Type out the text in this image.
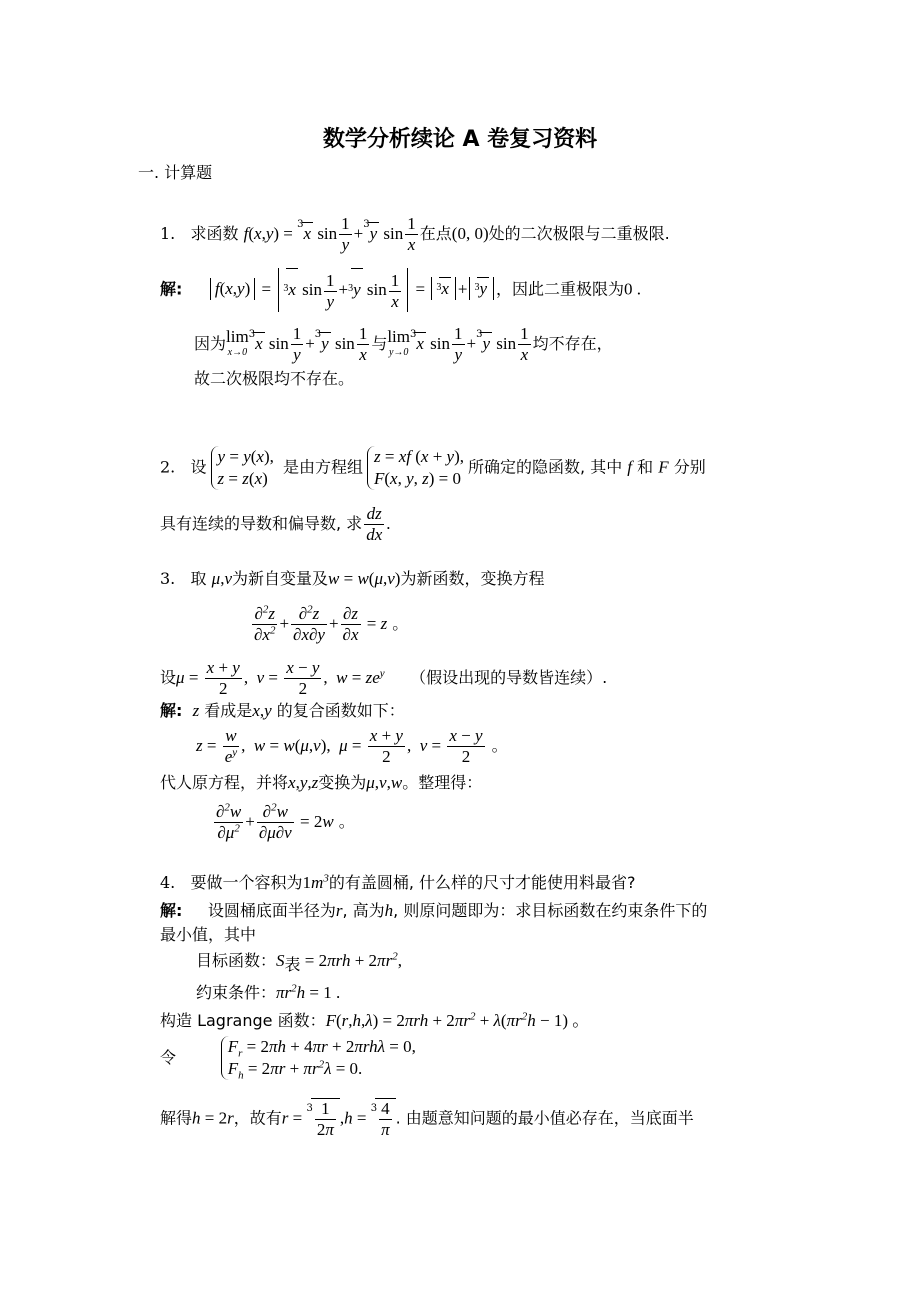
数学分析续论 A 卷复习资料
一. 计算题
1. 求函数 f(x,y) = $^3$x $\sin \frac{1}{y} +^3y$ $\sin \frac{1}{x}$ 在点(0, 0)处的二次极限与二重极限.
解: f(x,y) = $^3$x $\sin \frac{1}{y} +^3y$ $\sin \frac{1}{x} = ^3x + ^3y$ ，因此二重极限为0 .
因为lim
x→0
$^3$x $\sin \frac{1}{y} +^3y$ $\sin \frac{1}{x}$ 与lim
y→0
$^3$x $\sin \frac{1}{y} +^3y$ $\sin \frac{1}{x}$ 均不存在，
故二次极限均不存在。
2. 设
y = y(x),
z = z(x)
是由方程组
z = xf (x + y),
F(x, y, z) = 0
所确定的隐函数, 其中 f 和 F 分别
具有连续的导数和偏导数, 求 $\frac{dz}{dx}$ .
3. 取 μ,ν为新自变量及w = w(μ,ν)为新函数，变换方程
$\frac{\partial^2z}{\partial x^2} + \frac{\partial^2z}{\partial x\partial y} + \frac{\partial z}{\partial x} = z$ 。
设$\mu = \frac{x + y}{2}$ ,  $\nu = \frac{x - y}{2}$ ,  $w = ze^y$ （假设出现的导数皆连续）.
解: z 看成是x,y 的复合函数如下：
$z = \frac{w}{e^y}$ ,  w = w(μ,ν),  $\mu = \frac{x + y}{2}$ ,  $\nu = \frac{x - y}{2}$ 。
代人原方程，并将x,y,z变换为μ,ν,w。整理得：
$\frac{\partial^2w}{\partial\mu^2} + \frac{\partial^2w}{\partial\mu\partial\nu} = 2w$ 。
4. 要做一个容积为$1m^3$的有盖圆桶, 什么样的尺寸才能使用料最省?
解: 设圆桶底面半径为r, 高为h, 则原问题即为：求目标函数在约束条件下的
最小值，其中
目标函数：$S_表 = 2\pi rh + 2\pi r^2$,
约束条件：$\pi r^2h = 1$ .
构造 Lagrange 函数：$F(r,h,\lambda) = 2\pi rh + 2\pi r^2 + \lambda(\pi r^2h - 1)$ 。
令
$F_r = 2\pi h + 4\pi r + 2\pi rh\lambda = 0$,
$F_h = 2\pi r + \pi r^2\lambda = 0$.
解得h = 2r，故有$r = ^3 \frac{1}{2\pi} ,h = ^3 \frac{4}{\pi}$ . 由题意知问题的最小值必存在，当底面半
